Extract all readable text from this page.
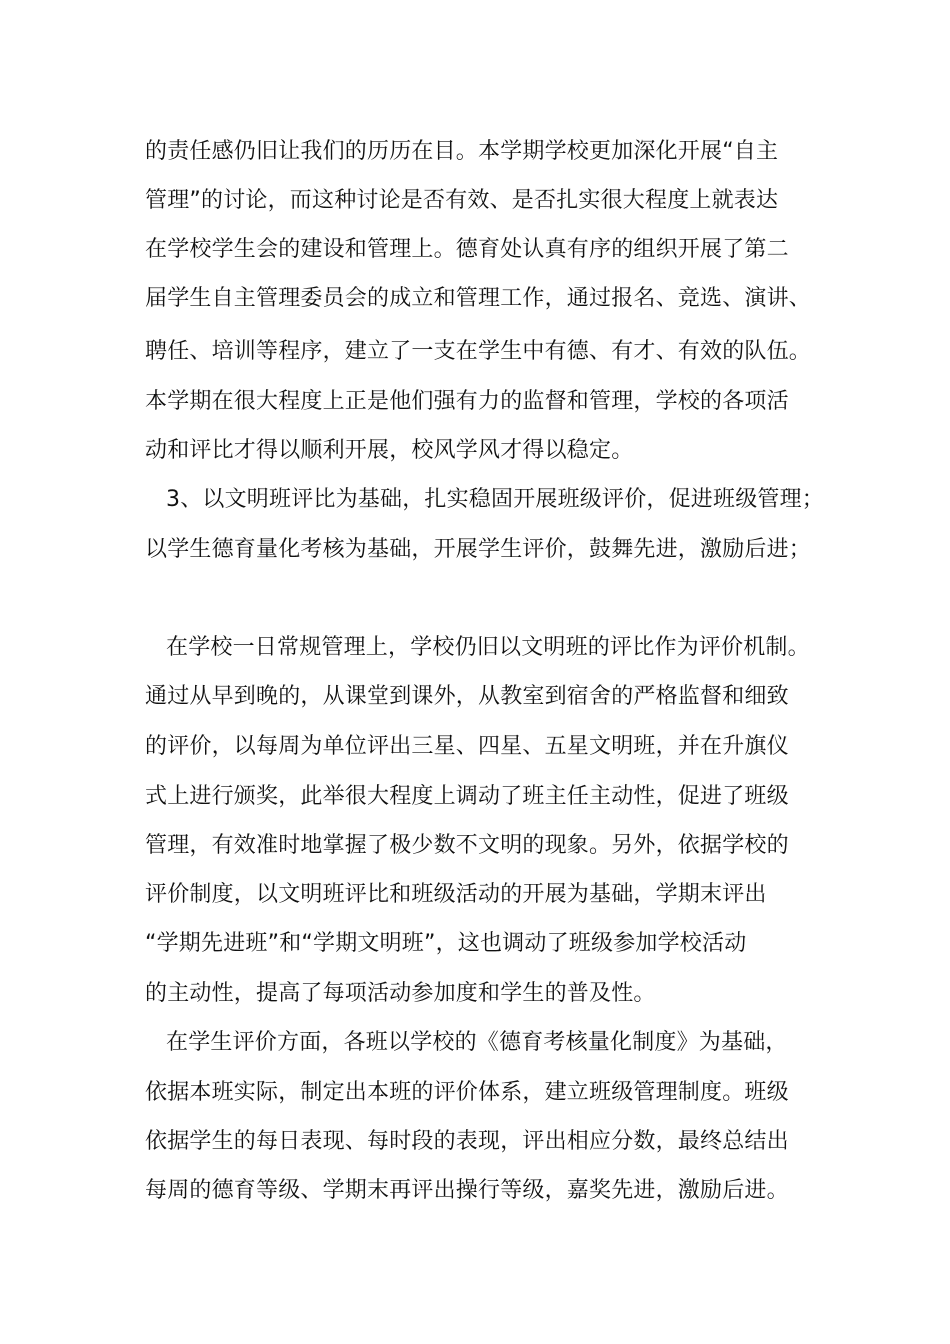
的责任感仍旧让我们的历历在目。本学期学校更加深化开展“自主
管理”的讨论，而这种讨论是否有效、是否扎实很大程度上就表达
在学校学生会的建设和管理上。德育处认真有序的组织开展了第二
届学生自主管理委员会的成立和管理工作，通过报名、竞选、演讲、
聘任、培训等程序，建立了一支在学生中有德、有才、有效的队伍。
本学期在很大程度上正是他们强有力的监督和管理，学校的各项活
动和评比才得以顺利开展，校风学风才得以稳定。
3、以文明班评比为基础，扎实稳固开展班级评价，促进班级管理；
以学生德育量化考核为基础，开展学生评价，鼓舞先进，激励后进；
在学校一日常规管理上，学校仍旧以文明班的评比作为评价机制。
通过从早到晚的，从课堂到课外，从教室到宿舍的严格监督和细致
的评价，以每周为单位评出三星、四星、五星文明班，并在升旗仪
式上进行颁奖，此举很大程度上调动了班主任主动性，促进了班级
管理，有效准时地掌握了极少数不文明的现象。另外，依据学校的
评价制度，以文明班评比和班级活动的开展为基础，学期末评出
“学期先进班”和“学期文明班”，这也调动了班级参加学校活动
的主动性，提高了每项活动参加度和学生的普及性。
在学生评价方面，各班以学校的《德育考核量化制度》为基础，
依据本班实际，制定出本班的评价体系，建立班级管理制度。班级
依据学生的每日表现、每时段的表现，评出相应分数，最终总结出
每周的德育等级、学期末再评出操行等级，嘉奖先进，激励后进。
